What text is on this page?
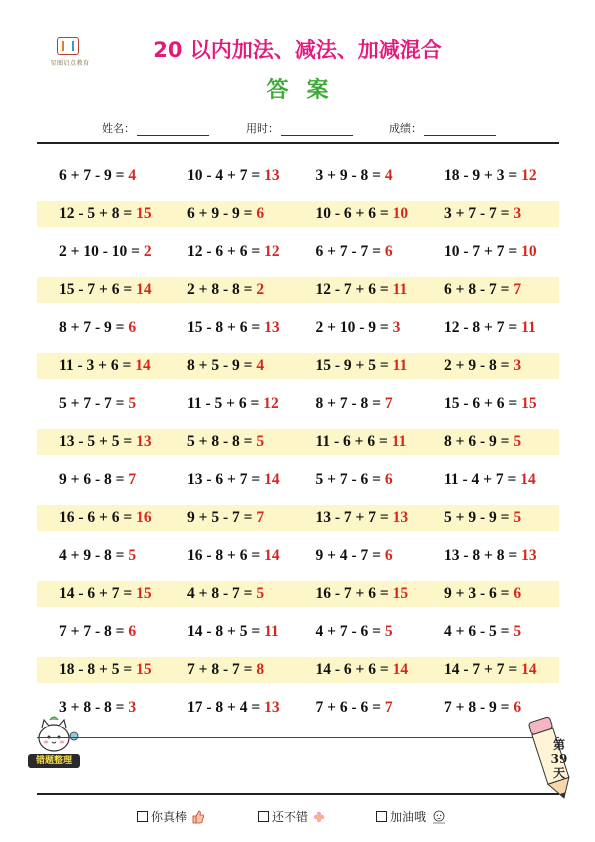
星图启点教育
20 以内加法、减法、加减混合
答案
姓名：	用时：	成绩：
6 + 7 - 9 = 4	10 - 4 + 7 = 13	3 + 9 - 8 = 4	18 - 9 + 3 = 12
12 - 5 + 8 = 15	6 + 9 - 9 = 6	10 - 6 + 6 = 10	3 + 7 - 7 = 3
2 + 10 - 10 = 2	12 - 6 + 6 = 12	6 + 7 - 7 = 6	10 - 7 + 7 = 10
15 - 7 + 6 = 14	2 + 8 - 8 = 2	12 - 7 + 6 = 11	6 + 8 - 7 = 7
8 + 7 - 9 = 6	15 - 8 + 6 = 13	2 + 10 - 9 = 3	12 - 8 + 7 = 11
11 - 3 + 6 = 14	8 + 5 - 9 = 4	15 - 9 + 5 = 11	2 + 9 - 8 = 3
5 + 7 - 7 = 5	11 - 5 + 6 = 12	8 + 7 - 8 = 7	15 - 6 + 6 = 15
13 - 5 + 5 = 13	5 + 8 - 8 = 5	11 - 6 + 6 = 11	8 + 6 - 9 = 5
9 + 6 - 8 = 7	13 - 6 + 7 = 14	5 + 7 - 6 = 6	11 - 4 + 7 = 14
16 - 6 + 6 = 16	9 + 5 - 7 = 7	13 - 7 + 7 = 13	5 + 9 - 9 = 5
4 + 9 - 8 = 5	16 - 8 + 6 = 14	9 + 4 - 7 = 6	13 - 8 + 8 = 13
14 - 6 + 7 = 15	4 + 8 - 7 = 5	16 - 7 + 6 = 15	9 + 3 - 6 = 6
7 + 7 - 8 = 6	14 - 8 + 5 = 11	4 + 7 - 6 = 5	4 + 6 - 5 = 5
18 - 8 + 5 = 15	7 + 8 - 7 = 8	14 - 6 + 6 = 14	14 - 7 + 7 = 14
3 + 8 - 8 = 3	17 - 8 + 4 = 13	7 + 6 - 6 = 7	7 + 8 - 9 = 6
错题整理
第
39
天
你真棒	还不错	加油哦
